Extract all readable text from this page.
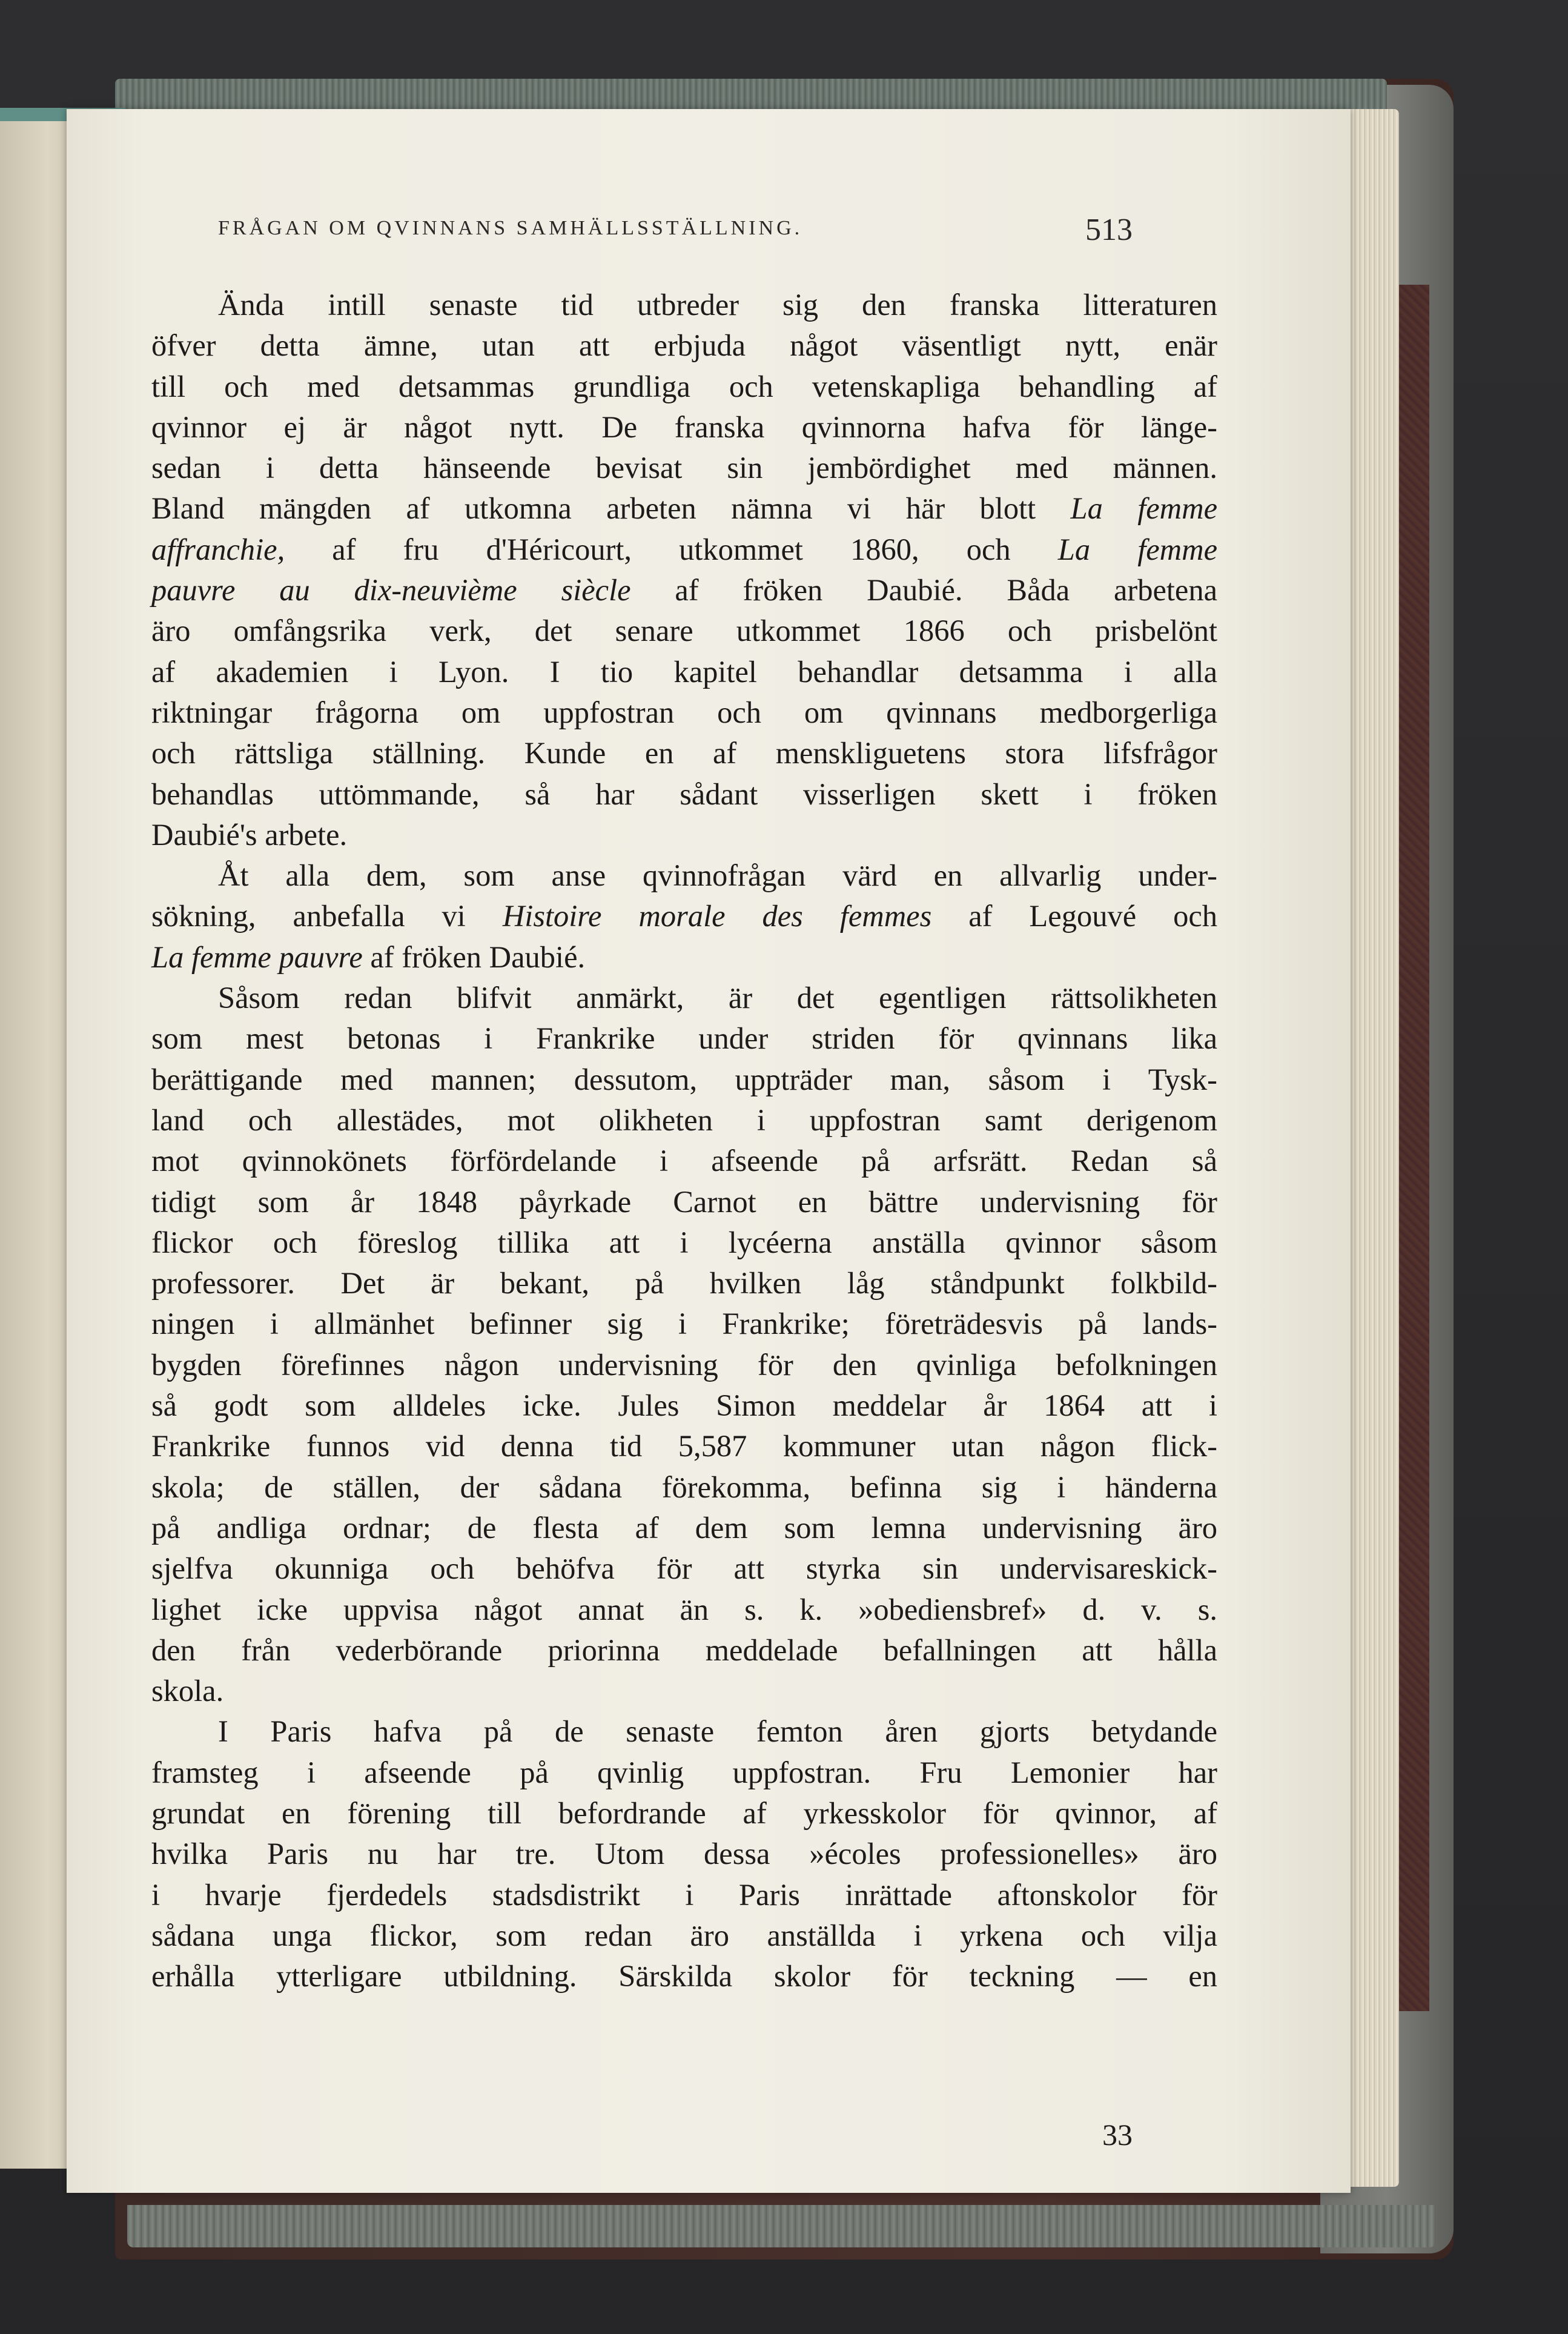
FRÅGAN OM QVINNANS SAMHÄLLSSTÄLLNING.	513
Ända intill senaste tid utbreder sig den franska litteraturen
öfver detta ämne, utan att erbjuda något väsentligt nytt, enär
till och med detsammas grundliga och vetenskapliga behandling af
qvinnor ej är något nytt. De franska qvinnorna hafva för länge-
sedan i detta hänseende bevisat sin jembördighet med männen.
Bland mängden af utkomna arbeten nämna vi här blott La femme
affranchie, af fru d'Héricourt, utkommet 1860, och La femme
pauvre au dix-neuvième siècle af fröken Daubié. Båda arbetena
äro omfångsrika verk, det senare utkommet 1866 och prisbelönt
af akademien i Lyon. I tio kapitel behandlar detsamma i alla
riktningar frågorna om uppfostran och om qvinnans medborgerliga
och rättsliga ställning. Kunde en af menskliguetens stora lifsfrågor
behandlas uttömmande, så har sådant visserligen skett i fröken
Daubié's arbete.
Åt alla dem, som anse qvinnofrågan värd en allvarlig under-
sökning, anbefalla vi Histoire morale des femmes af Legouvé och
La femme pauvre af fröken Daubié.
Såsom redan blifvit anmärkt, är det egentligen rättsolikheten
som mest betonas i Frankrike under striden för qvinnans lika
berättigande med mannen; dessutom, uppträder man, såsom i Tysk-
land och allestädes, mot olikheten i uppfostran samt derigenom
mot qvinnokönets förfördelande i afseende på arfsrätt. Redan så
tidigt som år 1848 påyrkade Carnot en bättre undervisning för
flickor och föreslog tillika att i lycéerna anställa qvinnor såsom
professorer. Det är bekant, på hvilken låg ståndpunkt folkbild-
ningen i allmänhet befinner sig i Frankrike; företrädesvis på lands-
bygden förefinnes någon undervisning för den qvinliga befolkningen
så godt som alldeles icke. Jules Simon meddelar år 1864 att i
Frankrike funnos vid denna tid 5,587 kommuner utan någon flick-
skola; de ställen, der sådana förekomma, befinna sig i händerna
på andliga ordnar; de flesta af dem som lemna undervisning äro
sjelfva okunniga och behöfva för att styrka sin undervisareskick-
lighet icke uppvisa något annat än s. k. »obediensbref» d. v. s.
den från vederbörande priorinna meddelade befallningen att hålla
skola.
I Paris hafva på de senaste femton åren gjorts betydande
framsteg i afseende på qvinlig uppfostran. Fru Lemonier har
grundat en förening till befordrande af yrkesskolor för qvinnor, af
hvilka Paris nu har tre. Utom dessa »écoles professionelles» äro
i hvarje fjerdedels stadsdistrikt i Paris inrättade aftonskolor för
sådana unga flickor, som redan äro anställda i yrkena och vilja
erhålla ytterligare utbildning. Särskilda skolor för teckning — en
33
